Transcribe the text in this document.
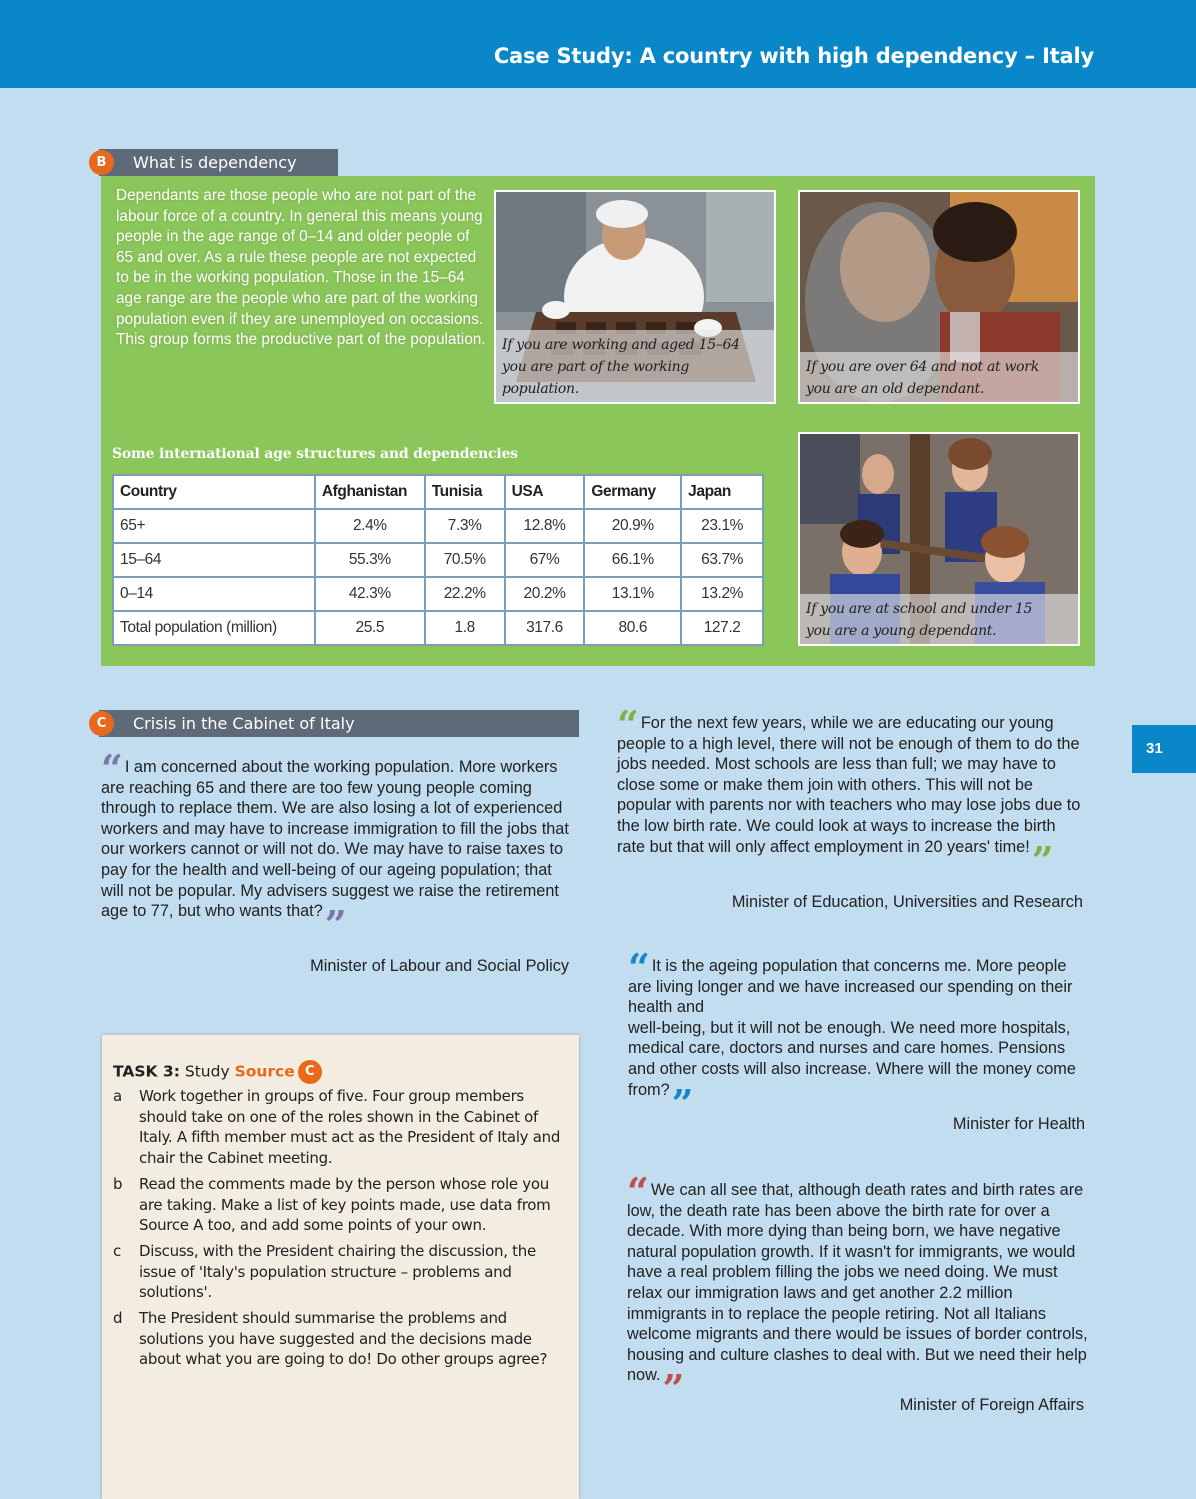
Case Study: A country with high dependency – Italy
31
B	What is dependency
Dependants are those people who are not part of the labour force of a country. In general this means young people in the age range of 0–14 and older people of 65 and over. As a rule these people are not expected to be in the working population. Those in the 15–64 age range are the people who are part of the working population even if they are unemployed on occasions. This group forms the productive part of the population.	If you are working and aged 15–64
you are part of the working population.
If you are over 64 and not at work
you are an old dependant.
Some international age structures and dependencies
Country	Afghanistan	Tunisia	USA	Germany	Japan
65+	2.4%	7.3%	12.8%	20.9%	23.1%
15–64	55.3%	70.5%	67%	66.1%	63.7%
0–14	42.3%	22.2%	20.2%	13.1%	13.2%
Total population (million)	25.5	1.8	317.6	80.6	127.2
If you are at school and under 15
you are a young dependant.
C	Crisis in the Cabinet of Italy
“ I am concerned about the working population. More workers are reaching 65 and there are too few young people coming through to replace them. We are also losing a lot of experienced workers and may have to increase immigration to fill the jobs that our workers cannot or will not do. We may have to raise taxes to pay for the health and well-being of our ageing population; that will not be popular. My advisers suggest we raise the retirement age to 77, but who wants that?”
Minister of Labour and Social Policy
“ For the next few years, while we are educating our young people to a high level, there will not be enough of them to do the jobs needed. Most schools are less than full; we may have to close some or make them join with others. This will not be popular with parents nor with teachers who may lose jobs due to the low birth rate. We could look at ways to increase the birth rate but that will only affect employment in 20 years' time!”
Minister of Education, Universities and Research
“ It is the ageing population that concerns me. More people are living longer and we have increased our spending on their health and
well-being, but it will not be enough. We need more hospitals, medical care, doctors and nurses and care homes. Pensions and other costs will also increase. Where will the money come from?”	Minister for Health
“ We can all see that, although death rates and birth rates are low, the death rate has been above the birth rate for over a decade. With more dying than being born, we have negative natural population growth. If it wasn't for immigrants, we would have a real problem filling the jobs we need doing. We must relax our immigration laws and get another 2.2 million immigrants in to replace the people retiring. Not all Italians welcome migrants and there would be issues of border controls, housing and culture clashes to deal with. But we need their help now.”	Minister of Foreign Affairs
TASK 3: Study Source C
a Work together in groups of five. Four group members should take on one of the roles shown in the Cabinet of Italy. A fifth member must act as the President of Italy and chair the Cabinet meeting.
b Read the comments made by the person whose role you are taking. Make a list of key points made, use data from Source A too, and add some points of your own.
c Discuss, with the President chairing the discussion, the issue of 'Italy's population structure – problems and solutions'.
d The President should summarise the problems and solutions you have suggested and the decisions made about what you are going to do! Do other groups agree?
